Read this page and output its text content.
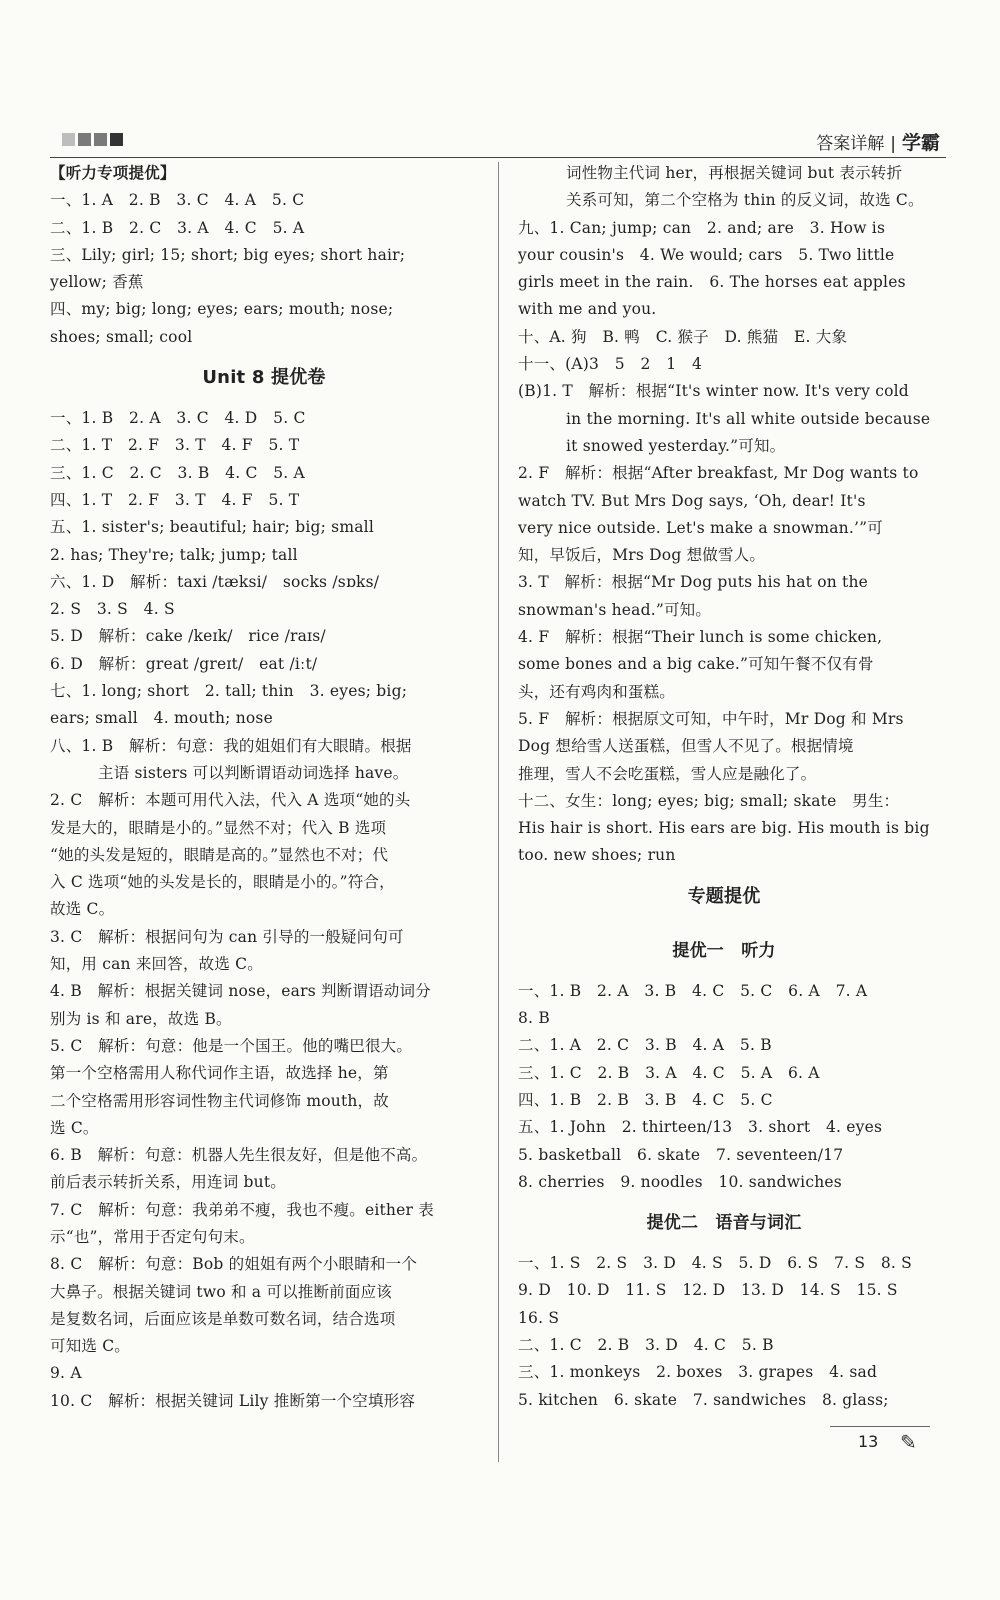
答案详解 | 学霸
【听力专项提优】
一、1. A　2. B　3. C　4. A　5. C
二、1. B　2. C　3. A　4. C　5. A
三、Lily; girl; 15; short; big eyes; short hair;
yellow; 香蕉
四、my; big; long; eyes; ears; mouth; nose;
shoes; small; cool
Unit 8 提优卷
一、1. B　2. A　3. C　4. D　5. C
二、1. T　2. F　3. T　4. F　5. T
三、1. C　2. C　3. B　4. C　5. A
四、1. T　2. F　3. T　4. F　5. T
五、1. sister's; beautiful; hair; big; small
2. has; They're; talk; jump; tall
六、1. D　解析：taxi /tæksi/　socks /sɒks/
2. S　3. S　4. S
5. D　解析：cake /keɪk/　rice /raɪs/
6. D　解析：great /greɪt/　eat /iːt/
七、1. long; short　2. tall; thin　3. eyes; big;
ears; small　4. mouth; nose
八、1. B　解析：句意：我的姐姐们有大眼睛。根据
主语 sisters 可以判断谓语动词选择 have。
2. C　解析：本题可用代入法，代入 A 选项“她的头
发是大的，眼睛是小的。”显然不对；代入 B 选项
“她的头发是短的，眼睛是高的。”显然也不对；代
入 C 选项“她的头发是长的，眼睛是小的。”符合，
故选 C。
3. C　解析：根据问句为 can 引导的一般疑问句可
知，用 can 来回答，故选 C。
4. B　解析：根据关键词 nose，ears 判断谓语动词分
别为 is 和 are，故选 B。
5. C　解析：句意：他是一个国王。他的嘴巴很大。
第一个空格需用人称代词作主语，故选择 he，第
二个空格需用形容词性物主代词修饰 mouth，故
选 C。
6. B　解析：句意：机器人先生很友好，但是他不高。
前后表示转折关系，用连词 but。
7. C　解析：句意：我弟弟不瘦，我也不瘦。either 表
示“也”，常用于否定句句末。
8. C　解析：句意：Bob 的姐姐有两个小眼睛和一个
大鼻子。根据关键词 two 和 a 可以推断前面应该
是复数名词，后面应该是单数可数名词，结合选项
可知选 C。
9. A
10. C　解析：根据关键词 Lily 推断第一个空填形容
词性物主代词 her，再根据关键词 but 表示转折
关系可知，第二个空格为 thin 的反义词，故选 C。
九、1. Can; jump; can　2. and; are　3. How is
your cousin's　4. We would; cars　5. Two little
girls meet in the rain.　6. The horses eat apples
with me and you.
十、A. 狗　B. 鸭　C. 猴子　D. 熊猫　E. 大象
十一、(A)3　5　2　1　4
(B)1. T　解析：根据“It's winter now. It's very cold
in the morning. It's all white outside because
it snowed yesterday.”可知。
2. F　解析：根据“After breakfast, Mr Dog wants to
watch TV. But Mrs Dog says, ‘Oh, dear! It's
very nice outside. Let's make a snowman.’”可
知，早饭后，Mrs Dog 想做雪人。
3. T　解析：根据“Mr Dog puts his hat on the
snowman's head.”可知。
4. F　解析：根据“Their lunch is some chicken,
some bones and a big cake.”可知午餐不仅有骨
头，还有鸡肉和蛋糕。
5. F　解析：根据原文可知，中午时，Mr Dog 和 Mrs
Dog 想给雪人送蛋糕，但雪人不见了。根据情境
推理，雪人不会吃蛋糕，雪人应是融化了。
十二、女生：long; eyes; big; small; skate　男生：
His hair is short. His ears are big. His mouth is big
too. new shoes; run
专题提优
提优一　听力
一、1. B　2. A　3. B　4. C　5. C　6. A　7. A
8. B
二、1. A　2. C　3. B　4. A　5. B
三、1. C　2. B　3. A　4. C　5. A　6. A
四、1. B　2. B　3. B　4. C　5. C
五、1. John　2. thirteen/13　3. short　4. eyes
5. basketball　6. skate　7. seventeen/17
8. cherries　9. noodles　10. sandwiches
提优二　语音与词汇
一、1. S　2. S　3. D　4. S　5. D　6. S　7. S　8. S
9. D　10. D　11. S　12. D　13. D　14. S　15. S
16. S
二、1. C　2. B　3. D　4. C　5. B
三、1. monkeys　2. boxes　3. grapes　4. sad
5. kitchen　6. skate　7. sandwiches　8. glass;
13 ✎
